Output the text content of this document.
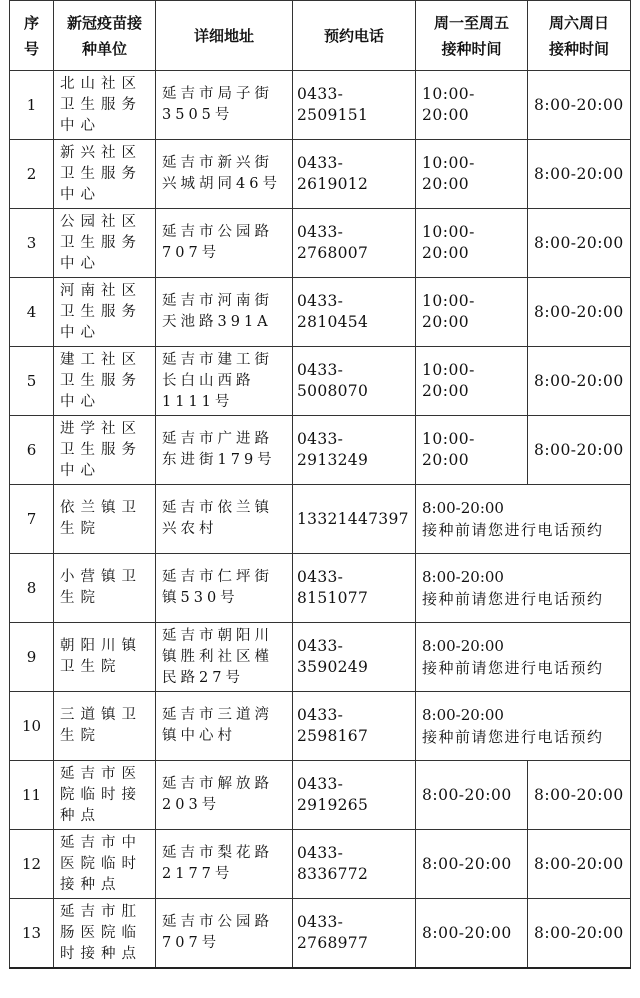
序号	新冠疫苗接种单位	详细地址	预约电话	周一至周五接种时间	周六周日接种时间
1	北山社区卫生服务中心	延吉市局子街3505号	0433-2509151	10:00-20:00	8:00-20:00
2	新兴社区卫生服务中心	延吉市新兴街兴城胡同46号	0433-2619012	10:00-20:00	8:00-20:00
3	公园社区卫生服务中心	延吉市公园路707号	0433-2768007	10:00-20:00	8:00-20:00
4	河南社区卫生服务中心	延吉市河南街天池路391A	0433-2810454	10:00-20:00	8:00-20:00
5	建工社区卫生服务中心	延吉市建工街长白山西路1111号	0433-5008070	10:00-20:00	8:00-20:00
6	进学社区卫生服务中心	延吉市广进路东进街179号	0433-2913249	10:00-20:00	8:00-20:00
7	依兰镇卫生院	延吉市依兰镇兴农村	13321447397	8:00-20:00
接种前请您进行电话预约	

8	小营镇卫生院	延吉市仁坪街镇530号	0433-8151077	8:00-20:00
接种前请您进行电话预约	

9	朝阳川镇卫生院	延吉市朝阳川镇胜利社区槿民路27号	0433-3590249	8:00-20:00
接种前请您进行电话预约	

10	三道镇卫生院	延吉市三道湾镇中心村	0433-2598167	8:00-20:00
接种前请您进行电话预约	

11	延吉市医院临时接种点	延吉市解放路203号	0433-2919265	8:00-20:00	8:00-20:00
12	延吉市中医院临时接种点	延吉市梨花路2177号	0433-8336772	8:00-20:00	8:00-20:00
13	延吉市肛肠医院临时接种点	延吉市公园路707号	0433-2768977	8:00-20:00	8:00-20:00
